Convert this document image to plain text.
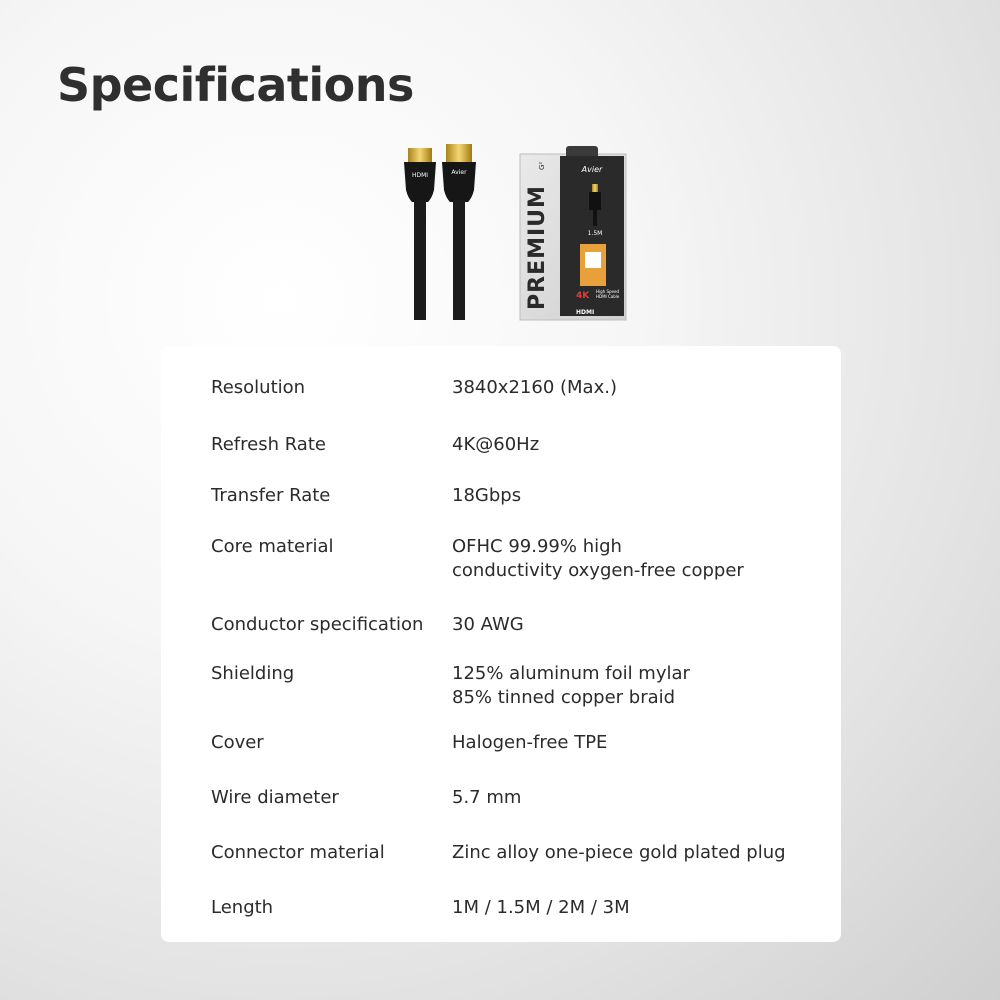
Specifications
HDMI	Avier	Avier
1.5M
4K High Speed
HDMI Cable
HDMI
PREMIUM
G²
Resolution	3840x2160 (Max.)
Refresh Rate	4K@60Hz
Transfer Rate	18Gbps
Core material	OFHC 99.99% high
conductivity oxygen-free copper
Conductor specification	30 AWG
Shielding	125% aluminum foil mylar
85% tinned copper braid
Cover	Halogen-free TPE
Wire diameter	5.7 mm
Connector material	Zinc alloy one-piece gold plated plug
Length	1M / 1.5M / 2M / 3M
